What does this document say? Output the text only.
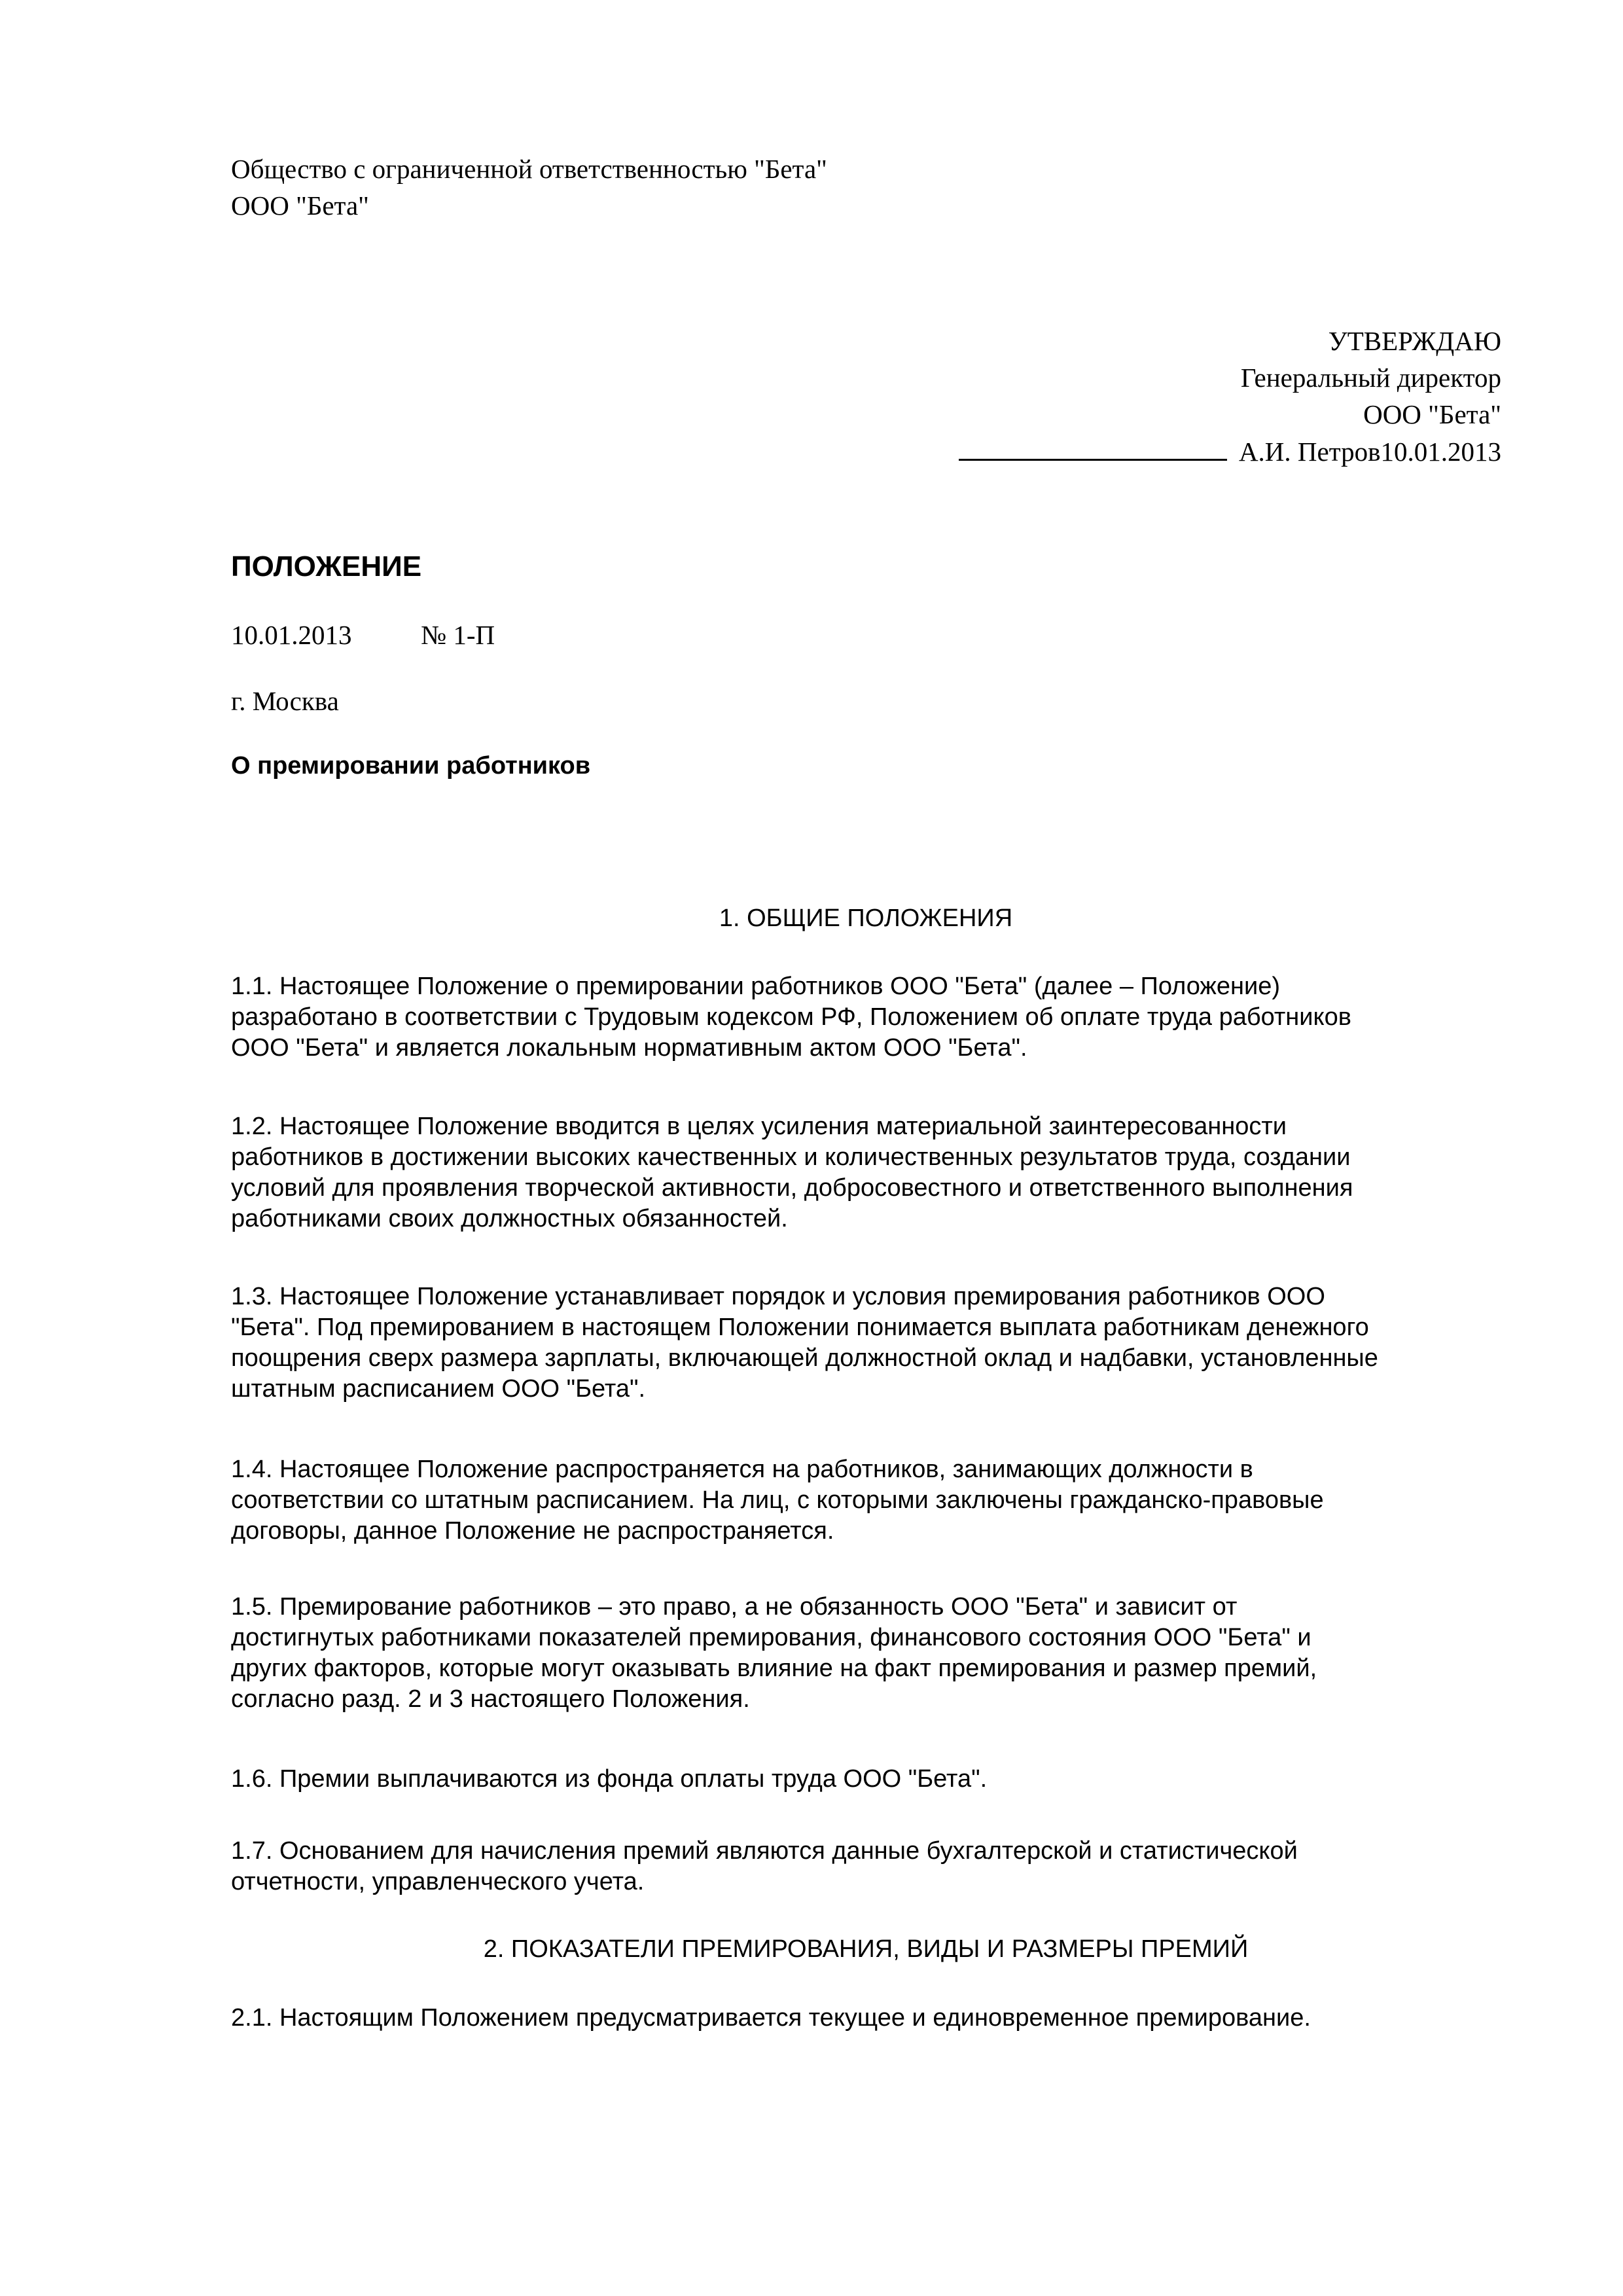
Общество с ограниченной ответственностью "Бета"
ООО "Бета"
УТВЕРЖДАЮ
Генеральный директор
ООО "Бета"
А.И. Петров10.01.2013
ПОЛОЖЕНИЕ
10.01.2013	№ 1-П
г. Москва
О премировании работников
1. ОБЩИЕ ПОЛОЖЕНИЯ
1.1. Настоящее Положение о премировании работников ООО "Бета" (далее – Положение)
разработано в соответствии с Трудовым кодексом РФ, Положением об оплате труда работников
ООО "Бета" и является локальным нормативным актом ООО "Бета".
1.2. Настоящее Положение вводится в целях усиления материальной заинтересованности
работников в достижении высоких качественных и количественных результатов труда, создании
условий для проявления творческой активности, добросовестного и ответственного выполнения
работниками своих должностных обязанностей.
1.3. Настоящее Положение устанавливает порядок и условия премирования работников ООО
"Бета". Под премированием в настоящем Положении понимается выплата работникам денежного
поощрения сверх размера зарплаты, включающей должностной оклад и надбавки, установленные
штатным расписанием ООО "Бета".
1.4. Настоящее Положение распространяется на работников, занимающих должности в
соответствии со штатным расписанием. На лиц, с которыми заключены гражданско-правовые
договоры, данное Положение не распространяется.
1.5. Премирование работников – это право, а не обязанность ООО "Бета" и зависит от
достигнутых работниками показателей премирования, финансового состояния ООО "Бета" и
других факторов, которые могут оказывать влияние на факт премирования и размер премий,
согласно разд. 2 и 3 настоящего Положения.
1.6. Премии выплачиваются из фонда оплаты труда ООО "Бета".
1.7. Основанием для начисления премий являются данные бухгалтерской и статистической
отчетности, управленческого учета.
2. ПОКАЗАТЕЛИ ПРЕМИРОВАНИЯ, ВИДЫ И РАЗМЕРЫ ПРЕМИЙ
2.1. Настоящим Положением предусматривается текущее и единовременное премирование.
